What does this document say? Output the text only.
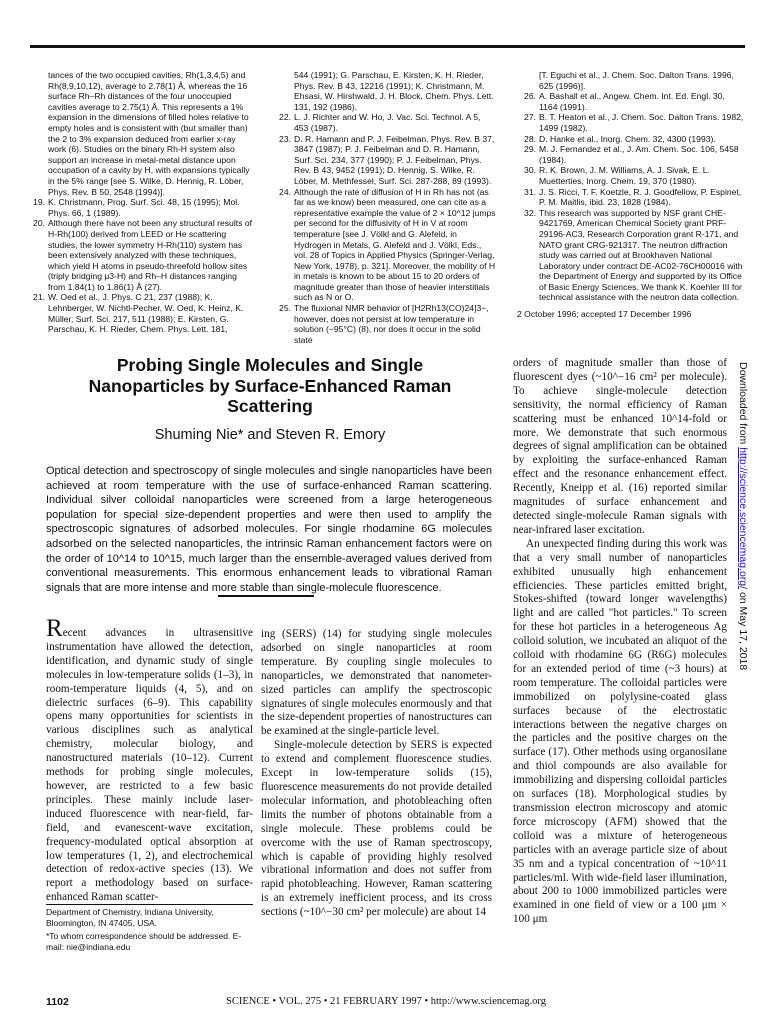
tances of the two occupied cavities, Rh(1,3,4,5) and Rh(8,9,10,12), average to 2.78(1) Å, whereas the 16 surface Rh–Rh distances of the four unoccupied cavities average to 2.75(1) Å. This represents a 1% expansion in the dimensions of filled holes relative to empty holes and is consistent with (but smaller than) the 2 to 3% expansion deduced from earlier x-ray work (6). Studies on the binary Rh-H system also support an increase in metal-metal distance upon occupation of a cavity by H, with expansions typically in the 5% range [see S. Wilke, D. Hennig, R. Löber, Phys. Rev. B 50, 2548 (1994)].

19. K. Christmann, Prog. Surf. Sci. 48, 15 (1995); Mol. Phys. 66, 1 (1989).

20. Although there have not been any structural results of H-Rh(100) derived from LEED or He scattering studies, the lower symmetry H-Rh(110) system has been extensively analyzed with these techniques, which yield H atoms in pseudo-threefold hollow sites (triply bridging μ3-H) and Rh–H distances ranging from 1.84(1) to 1.86(1) Å (27).

21. W. Oed et al., J. Phys. C 21, 237 (1988); K. Lehnberger, W. Nichtl-Pecher, W. Oed, K. Heinz, K. Müller, Surf. Sci. 217, 511 (1988); E. Kirsten, G. Parschau, K. H. Rieder, Chem. Phys. Lett. 181,

544 (1991); G. Parschau, E. Kirsten, K. H. Rieder, Phys. Rev. B 43, 12216 (1991); K. Christmann, M. Ehsasi, W. Hirshwald, J. H. Block, Chem. Phys. Lett. 131, 192 (1986).

22. L. J. Richter and W. Ho, J. Vac. Sci. Technol. A 5, 453 (1987).

23. D. R. Hamann and P. J. Feibelman, Phys. Rev. B 37, 3847 (1987); P. J. Feibelman and D. R. Hamann, Surf. Sci. 234, 377 (1990); P. J. Feibelman, Phys. Rev. B 43, 9452 (1991); D. Hennig, S. Wilke, R. Löber, M. Methfessel, Surf. Sci. 287-288, 89 (1993).

24. Although the rate of diffusion of H in Rh has not (as far as we know) been measured, one can cite as a representative example the value of 2 × 10^12 jumps per second for the diffusivity of H in V at room temperature [see J. Völkl and G. Alefeld, in Hydrogen in Metals, G. Alefeld and J. Völkl, Eds., vol. 28 of Topics in Applied Physics (Springer-Verlag, New York, 1978), p. 321]. Moreover, the mobility of H in metals is known to be about 15 to 20 orders of magnitude greater than those of heavier interstitials such as N or O.

25. The fluxional NMR behavior of [H2Rh13(CO)24]3−, however, does not persist at low temperature in solution (−95°C) (8), nor does it occur in the solid state

[T. Eguchi et al., J. Chem. Soc. Dalton Trans. 1996, 625 (1996)].

26. A. Bashall et al., Angew. Chem. Int. Ed. Engl. 30, 1164 (1991).

27. B. T. Heaton et al., J. Chem. Soc. Dalton Trans. 1982, 1499 (1982).

28. D. Hanke et al., Inorg. Chem. 32, 4300 (1993).

29. M. J. Fernandez et al., J. Am. Chem. Soc. 106, 5458 (1984).

30. R. K. Brown, J. M. Williams, A. J. Sivak, E. L. Muetterties, Inorg. Chem. 19, 370 (1980).

31. J. S. Ricci, T. F. Koetzle, R. J. Goodfellow, P. Espinet, P. M. Maitlis, ibid. 23, 1828 (1984).

32. This research was supported by NSF grant CHE-9421769, American Chemical Society grant PRF-29196-AC3, Research Corporation grant R-171, and NATO grant CRG-921317. The neutron diffraction study was carried out at Brookhaven National Laboratory under contract DE-AC02-76CH00016 with the Department of Energy and supported by its Office of Basic Energy Sciences. We thank K. Koehler III for technical assistance with the neutron data collection.

2 October 1996; accepted 17 December 1996

Probing Single Molecules and Single Nanoparticles by Surface-Enhanced Raman Scattering
Shuming Nie* and Steven R. Emory

Optical detection and spectroscopy of single molecules and single nanoparticles have been achieved at room temperature with the use of surface-enhanced Raman scattering. Individual silver colloidal nanoparticles were screened from a large heterogeneous population for special size-dependent properties and were then used to amplify the spectroscopic signatures of adsorbed molecules. For single rhodamine 6G molecules adsorbed on the selected nanoparticles, the intrinsic Raman enhancement factors were on the order of 10^14 to 10^15, much larger than the ensemble-averaged values derived from conventional measurements. This enormous enhancement leads to vibrational Raman signals that are more intense and more stable than single-molecule fluorescence.

Recent advances in ultrasensitive instrumentation have allowed the detection, identification, and dynamic study of single molecules in low-temperature solids (1–3), in room-temperature liquids (4, 5), and on dielectric surfaces (6–9). This capability opens many opportunities for scientists in various disciplines such as analytical chemistry, molecular biology, and nanostructured materials (10–12). Current methods for probing single molecules, however, are restricted to a few basic principles. These mainly include laser-induced fluorescence with near-field, far-field, and evanescent-wave excitation, frequency-modulated optical absorption at low temperatures (1, 2), and electrochemical detection of redox-active species (13). We report a methodology based on surface-enhanced Raman scatter-

Department of Chemistry, Indiana University, Bloomington, IN 47405, USA.

*To whom correspondence should be addressed. E-mail: nie@indiana.edu

ing (SERS) (14) for studying single molecules adsorbed on single nanoparticles at room temperature. By coupling single molecules to nanoparticles, we demonstrated that nanometer-sized particles can amplify the spectroscopic signatures of single molecules enormously and that the size-dependent properties of nanostructures can be examined at the single-particle level.

Single-molecule detection by SERS is expected to extend and complement fluorescence studies. Except in low-temperature solids (15), fluorescence measurements do not provide detailed molecular information, and photobleaching often limits the number of photons obtainable from a single molecule. These problems could be overcome with the use of Raman spectroscopy, which is capable of providing highly resolved vibrational information and does not suffer from rapid photobleaching. However, Raman scattering is an extremely inefficient process, and its cross sections (~10^−30 cm² per molecule) are about 14

orders of magnitude smaller than those of fluorescent dyes (~10^−16 cm² per molecule). To achieve single-molecule detection sensitivity, the normal efficiency of Raman scattering must be enhanced 10^14-fold or more. We demonstrate that such enormous degrees of signal amplification can be obtained by exploiting the surface-enhanced Raman effect and the resonance enhancement effect. Recently, Kneipp et al. (16) reported similar magnitudes of surface enhancement and detected single-molecule Raman signals with near-infrared laser excitation.

An unexpected finding during this work was that a very small number of nanoparticles exhibited unusually high enhancement efficiencies. These particles emitted bright, Stokes-shifted (toward longer wavelengths) light and are called "hot particles." To screen for these hot particles in a heterogeneous Ag colloid solution, we incubated an aliquot of the colloid with rhodamine 6G (R6G) molecules for an extended period of time (~3 hours) at room temperature. The colloidal particles were immobilized on polylysine-coated glass surfaces because of the electrostatic interactions between the negative charges on the particles and the positive charges on the surface (17). Other methods using organosilane and thiol compounds are also available for immobilizing and dispersing colloidal particles on surfaces (18). Morphological studies by transmission electron microscopy and atomic force microscopy (AFM) showed that the colloid was a mixture of heterogeneous particles with an average particle size of about 35 nm and a typical concentration of ~10^11 particles/ml. With wide-field laser illumination, about 200 to 1000 immobilized particles were examined in one field of view or a 100 μm × 100 μm

1102	SCIENCE • VOL. 275 • 21 FEBRUARY 1997 • http://www.sciencemag.org
Downloaded from http://science.sciencemag.org/ on May 17, 2018
